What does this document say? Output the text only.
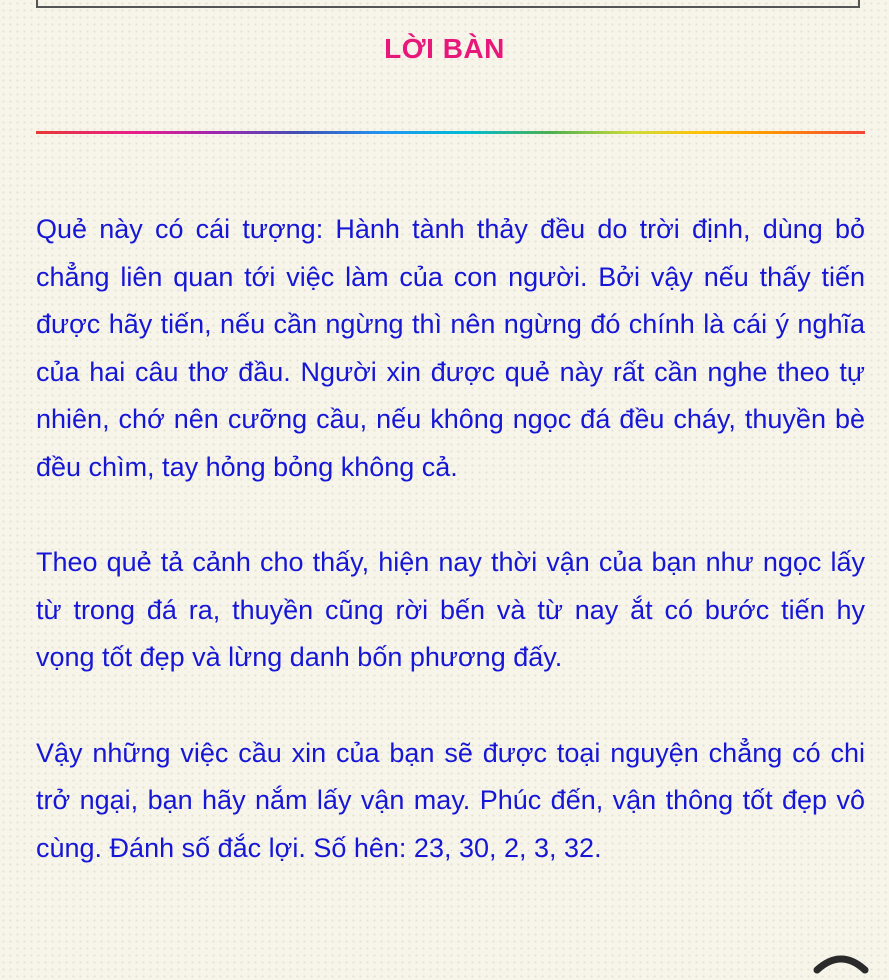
LỜI BÀN

Quẻ này có cái tượng: Hành tành thảy đều do trời định, dùng bỏ chẳng liên quan tới việc làm của con người. Bởi vậy nếu thấy tiến được hãy tiến, nếu cần ngừng thì nên ngừng đó chính là cái ý nghĩa của hai câu thơ đầu. Người xin được quẻ này rất cần nghe theo tự nhiên, chớ nên cưỡng cầu, nếu không ngọc đá đều cháy, thuyền bè đều chìm, tay hỏng bỏng không cả.

Theo quẻ tả cảnh cho thấy, hiện nay thời vận của bạn như ngọc lấy từ trong đá ra, thuyền cũng rời bến và từ nay ắt có bước tiến hy vọng tốt đẹp và lừng danh bốn phương đấy.

Vậy những việc cầu xin của bạn sẽ được toại nguyện chẳng có chi trở ngại, bạn hãy nắm lấy vận may. Phúc đến, vận thông tốt đẹp vô cùng. Đánh số đắc lợi. Số hên: 23, 30, 2, 3, 32.
